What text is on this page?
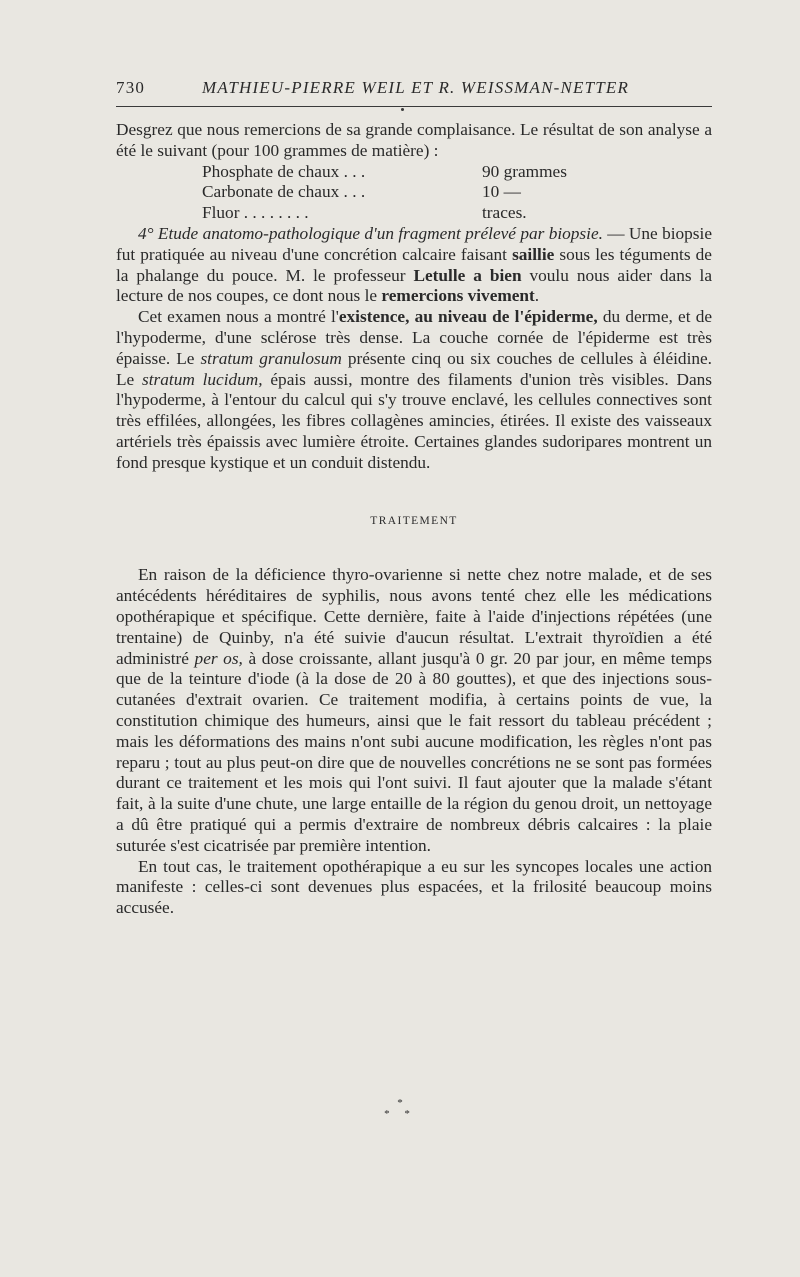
730	MATHIEU-PIERRE WEIL ET R. WEISSMAN-NETTER

Desgrez que nous remercions de sa grande complaisance. Le résultat de son analyse a été le suivant (pour 100 grammes de matière) :

Phosphate de chaux . . .	90 grammes
Carbonate de chaux . . .	10 —
Fluor . . . . . . . .	traces.

4° Etude anatomo-pathologique d'un fragment prélevé par biopsie. — Une biopsie fut pratiquée au niveau d'une concrétion calcaire faisant saillie sous les téguments de la phalange du pouce. M. le professeur Letulle a bien voulu nous aider dans la lecture de nos coupes, ce dont nous le remercions vivement.

Cet examen nous a montré l'existence, au niveau de l'épiderme, du derme, et de l'hypoderme, d'une sclérose très dense. La couche cornée de l'épiderme est très épaisse. Le stratum granulosum présente cinq ou six couches de cellules à éléidine. Le stratum lucidum, épais aussi, montre des filaments d'union très visibles. Dans l'hypoderme, à l'entour du calcul qui s'y trouve enclavé, les cellules connectives sont très effilées, allongées, les fibres collagènes amincies, étirées. Il existe des vaisseaux artériels très épaissis avec lumière étroite. Certaines glandes sudoripares montrent un fond presque kystique et un conduit distendu.

TRAITEMENT

En raison de la déficience thyro-ovarienne si nette chez notre malade, et de ses antécédents héréditaires de syphilis, nous avons tenté chez elle les médications opothérapique et spécifique. Cette dernière, faite à l'aide d'injections répétées (une trentaine) de Quinby, n'a été suivie d'aucun résultat. L'extrait thyroïdien a été administré per os, à dose croissante, allant jusqu'à 0 gr. 20 par jour, en même temps que de la teinture d'iode (à la dose de 20 à 80 gouttes), et que des injections sous-cutanées d'extrait ovarien. Ce traitement modifia, à certains points de vue, la constitution chimique des humeurs, ainsi que le fait ressort du tableau précédent ; mais les déformations des mains n'ont subi aucune modification, les règles n'ont pas reparu ; tout au plus peut-on dire que de nouvelles concrétions ne se sont pas formées durant ce traitement et les mois qui l'ont suivi. Il faut ajouter que la malade s'étant fait, à la suite d'une chute, une large entaille de la région du genou droit, un nettoyage a dû être pratiqué qui a permis d'extraire de nombreux débris calcaires : la plaie suturée s'est cicatrisée par première intention.

En tout cas, le traitement opothérapique a eu sur les syncopes locales une action manifeste : celles-ci sont devenues plus espacées, et la frilosité beaucoup moins accusée.

*
* *
